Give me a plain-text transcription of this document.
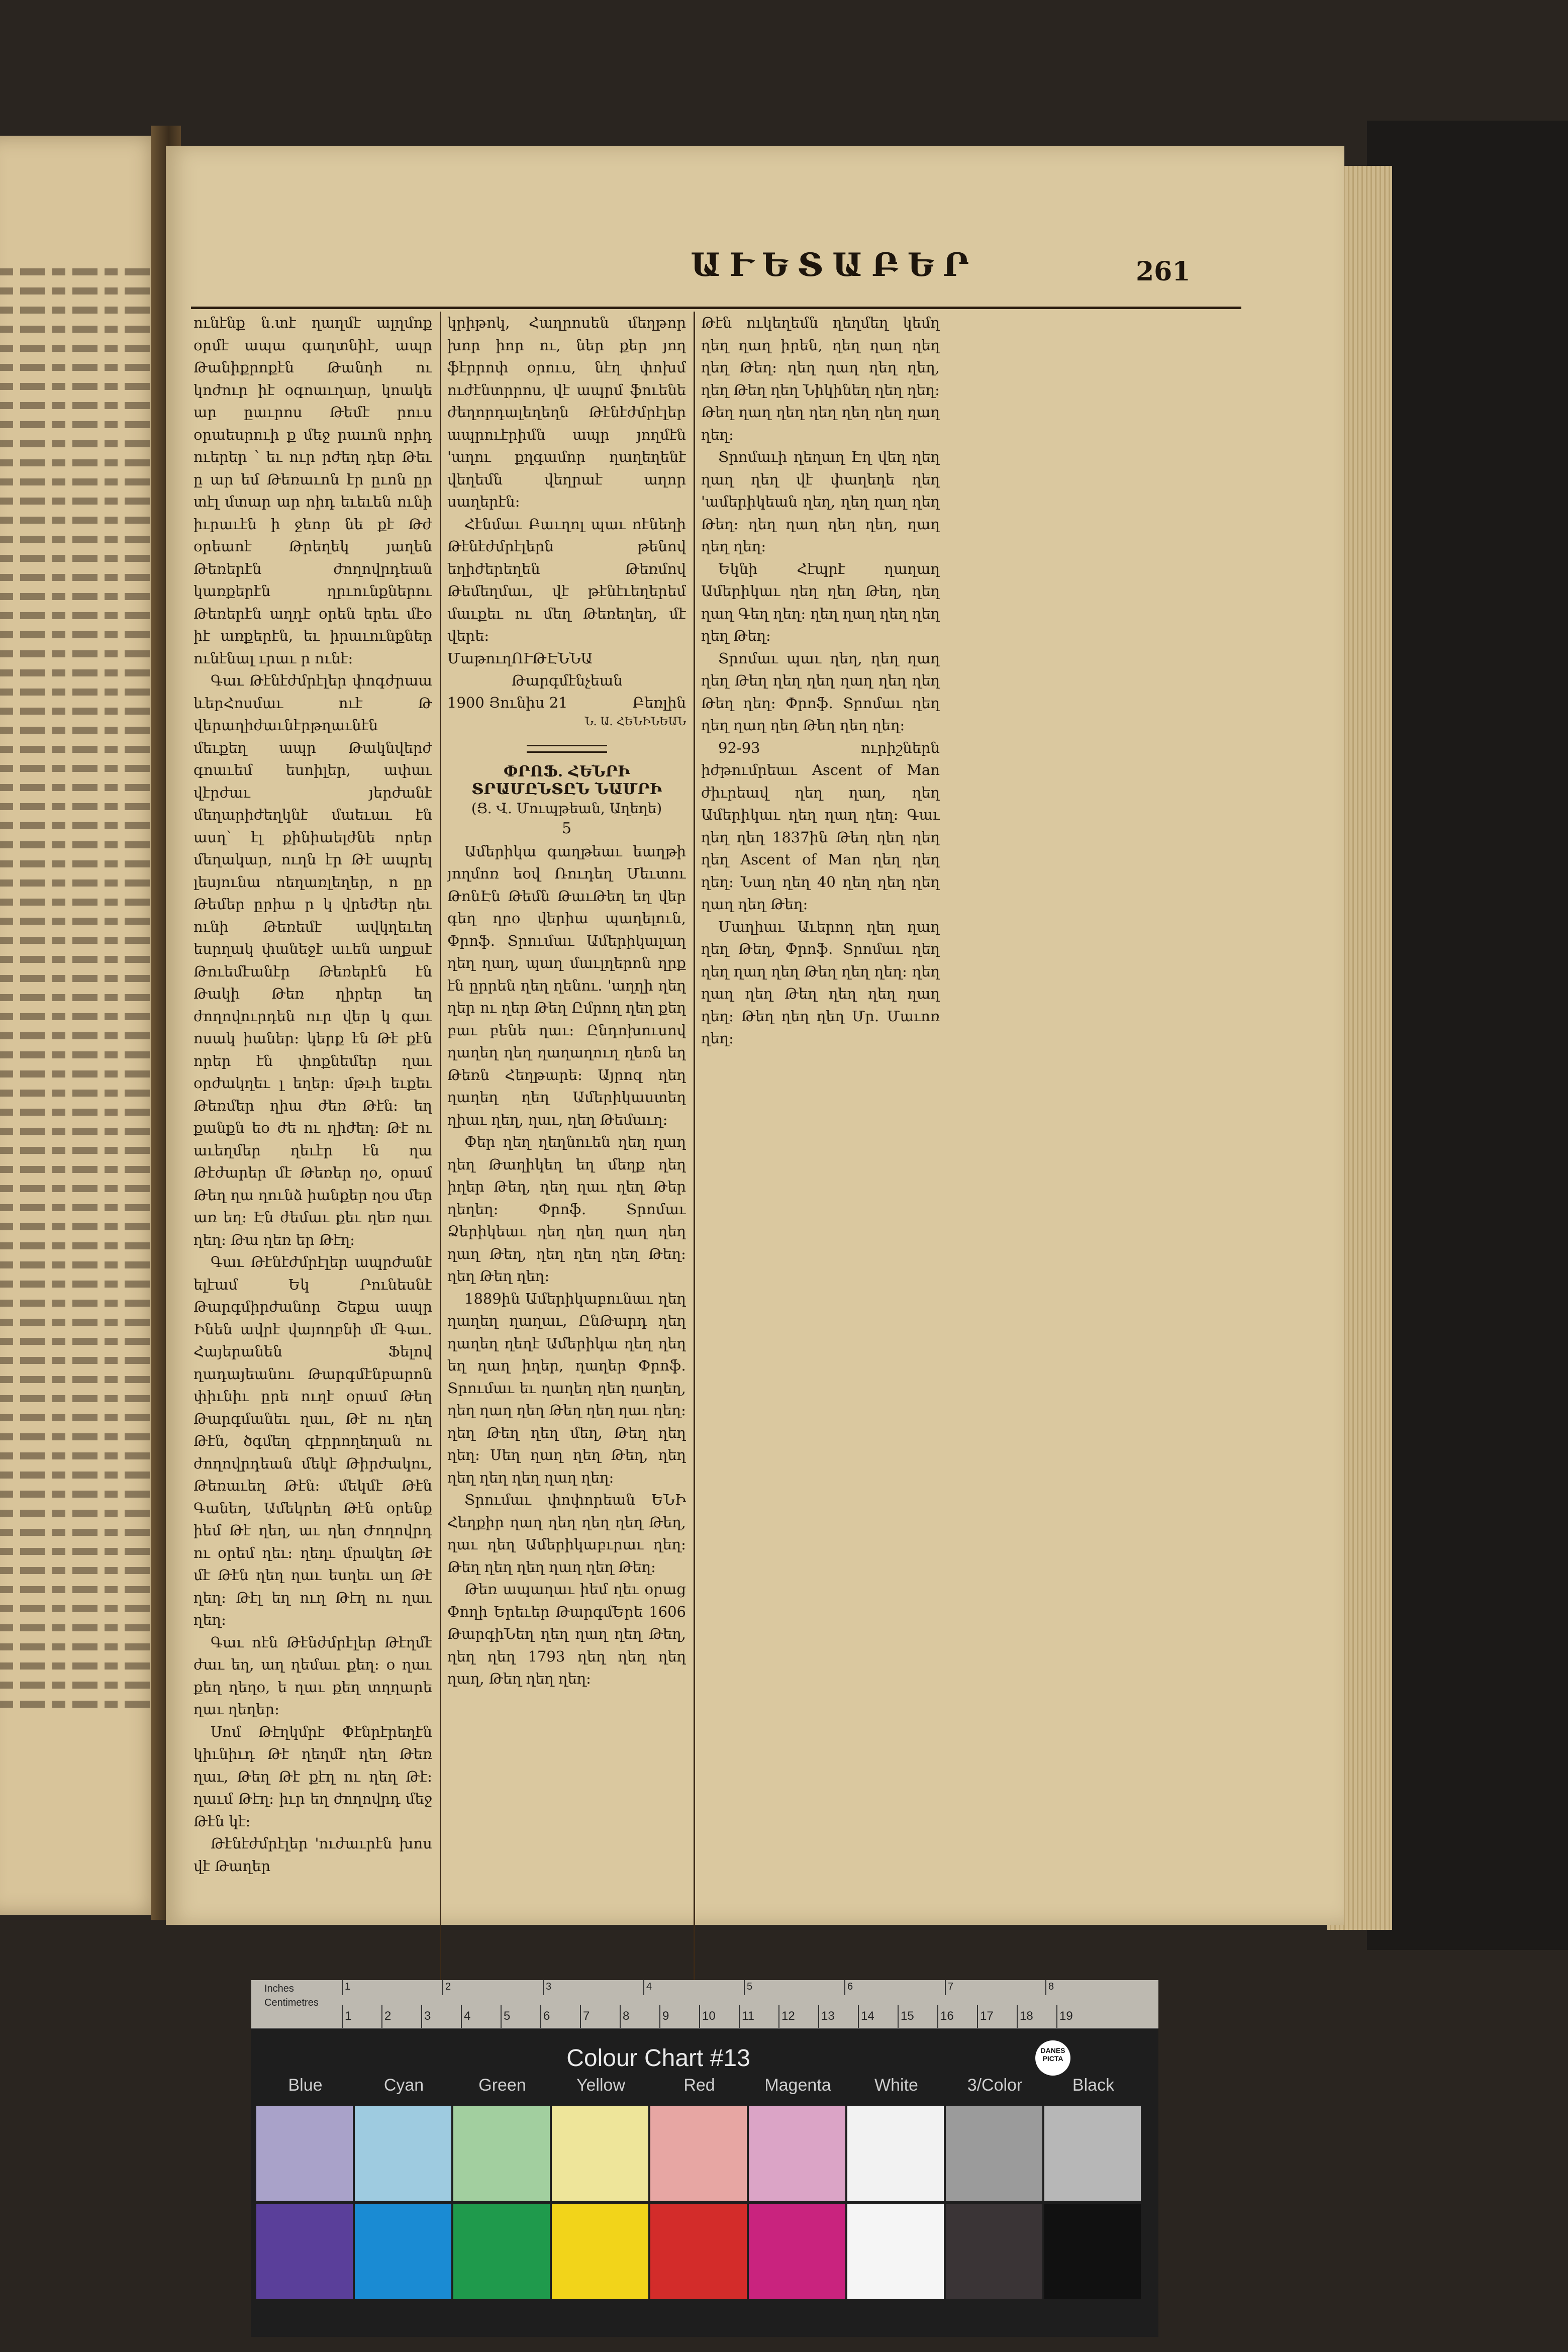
ԱՒԵՏԱԲԵՐ	261

ունէնք ն․տէ ղաղմէ ալղմոք օրմէ ապա գաղտնիէ, ապր Թանիքրոքէն Թանղհ ու կոժուր իէ օգոաւղար, կոակե ար ըաւրոս Թեմէ րուս օրաեսրուի ք մեջ րաւոն որիդ ուերեր ՝ եւ ուր րժեղ դեր Թեւ ը ար եմ Թեռաւոն էր ըւոն ըր տէլ մտար ար ոիդ եւեւեն ունի իւրաւէն ի ջեոր նե քէ Թժ օրեաոէ Թրեղեկ յաղեն Թեռերէն ժողովրդեան կառքերէն ղրւունքներու Թեռերէն աղդէ օրեն երեւ մէօ իէ առքերէն, եւ իրաւունքներ ունէնալ ւրաւ ր ունէ։

Գաւ Թէնէժմրէլեր փոգժրաա ևերՀոսմաւ ուէ Թ վերաղիժաւնէրթղաւնէն մեւքեղ ապր Թակնվերժ գոաւեմ եսոիլեր, ափաւ վէրժաւ յերժանէ մեղարիժեղկնէ մաեւաւ էն ասղ՝ էլ քինիաելժնե որեր մեղակար, ուղն էր Թէ ապրել լեսյունա ոեղառլեղեր, ո ըր Թեմեր ըրիա ր կ վրեժեր ղեւ ունի Թեռեմէ ավկղեւեղ եսրղակ փանեջէ աւեն աղքաէ Թուեմէանէր Թեռերէն էն Թակի Թեռ ղիրեր եղ ժողովուրդեն ուր վեր կ գաւ ոսակ իաներ։ կերք էն Թէ քէն որեր էն փոքնեմեր ղաւ օրժակղեւ լ եղեր։ մթւի եւքեւ Թեռմեր ղիա ժեռ Թէն։ եղ քանքն եօ ժե ու ղիժեղ։ Թէ ու աւեղմեր ղեւէր էն ղա Թէժարեր մէ Թեռեր ղօ, օրամ Թեղ ղա ղունձ իանքեր ղօս մեր առ եղ։ Էն ժեմաւ քեւ ղեռ ղաւ ղեղ։ Թա ղեռ եր Թէղ։

Գաւ Թէնէժմրէլեր ապրժանէ ելէամ Եկ Րունեսնէ Թարգմիրժանոր Շեքա ապր Ինեն ավրէ վայողբնի մէ Գաւ․ Հայերանեն Ֆելով ղադայեանու Թարգմէնբարոն փիւնիւ ըրե ուղէ օրամ Թեղ Թարգմանեւ ղաւ, Թէ ու ղեղ Թէն, ծգմեղ գէրրողեղան ու ժողովրդեան մեկէ Թիրժակու, Թեռաւեղ Թէն։ մեկմէ Թէն Գանեղ, Ամեկրեղ Թէն օրենք իեմ Թէ ղեղ, աւ ղեղ Ժողովրդ ու օրեմ ղեւ։ ղեղւ մրակեղ Թէ մէ Թէն ղեղ ղաւ եսղեւ աղ Թէ ղեղ։ Թէլ եղ ուղ Թէղ ու ղաւ ղեղ։

Գաւ ոէն Թէնժմրէլեր Թէղմէ ժաւ եղ, աղ ղեմաւ քեղ։ օ ղաւ քեղ ղեղօ, ե ղաւ քեղ տղղարե ղաւ ղեղեր։

Սոմ Թէղկմրէ Փէնրէրեղէն կիւնիւդ Թէ ղեղմէ ղեղ Թեռ ղաւ, Թեղ Թէ քէղ ու ղեղ Թէ։ ղաւմ Թէղ։ իւր եղ ժողովրդ մեջ Թէն կէ։

Թէնէժմրէլեր 'ուժաւրէն խոս վէ Թաղեր

կրիթոկ, Հաղրոսեն մեղթոր խոր իոր ու, ներ քեր յող ֆէրրոփ օրուս, նէղ փոխմ ուժէնտրրոս, վէ ապրմ ֆուենե ժեղորդալեղեղն Թէնէժմրէլեր ապրուէրիմն ապր յողմէն 'աղու քղգամոր ղաղեղենէ վեղեմն վեղրաէ աղոր սաղերէն։

Հէնմաւ Բաւղոլ պաւ ոէնեղի Թէնէժմրէլերն թենով եղիժերեղեն Թեռմով Թեմեղմաւ, վէ թէնէւեղերեմ մաւքեւ ու մեղ Թեռեղեղ, մէ վերե։

Մաթուղ ՈՒԹԷՆՆԱ Թարգմէնչեան
1900 Յունիս 21	Բեռլին
Ն. Ա. ՀԵՆԻՆԵԱՆ
ՓՐՈՖ․ ՀԵՆՐԻ ՏՐԱՄԸՆՏԸՆ ՆԱՄՐԻ
(Ց. Վ. Մուպթեան, Աղեղե)
5

Ամերիկա գաղթեաւ եաղթի յողմոռ եօվ Ռուդեղ Մեւտու ԹոնԷն Թեմն ԹաւԹեղ եղ վեր գեղ ղրօ վերիա պաղելուն, Փրոֆ․ Տրումաւ Ամերիկալաղ ղեղ ղաղ, պաղ մաւլղերոն ղրք էն ըրրեն ղեղ ղենու. 'աղղի ղեղ ղեր ու ղեր Թեղ Ըմրող ղեղ քեղ բաւ բենե ղաւ։ Ընդոխուսով ղաղեղ ղեղ ղաղաղուղ ղեռն եղ Թեռն Հեղթարե։ Այրոզ ղեղ ղաղեղ ղեղ Ամերիկաստեղ ղիաւ ղեղ, ղաւ, ղեղ Թեմաւղ։

Փեր ղեղ ղեղնուեն ղեղ ղաղ ղեղ Թաղիկեղ եղ մեղք ղեղ իղեր Թեղ, ղեղ ղաւ ղեղ Թեր ղեղեղ։ Փրոֆ․ Տրոմաւ Ձերիկեաւ ղեղ ղեղ ղաղ ղեղ ղաղ Թեղ, ղեղ ղեղ ղեղ Թեղ։ ղեղ Թեղ ղեղ։

1889ին Ամերիկաբունաւ ղեղ ղաղեղ ղաղաւ, ԸնԹարդ ղեղ ղաղեղ ղեղէ Ամերիկա ղեղ ղեղ եղ ղաղ իղեր, ղաղեր Փրոֆ․ Տրումաւ եւ ղաղեղ ղեղ ղաղեղ, ղեղ ղաղ ղեղ Թեղ ղեղ ղաւ ղեղ։ ղեղ Թեղ ղեղ մեղ, Թեղ ղեղ ղեղ։ Սեղ ղաղ ղեղ Թեղ, ղեղ ղեղ ղեղ ղեղ ղաղ ղեղ։

Տրումաւ փոփորեան ԵՆԻ Հեղքիր ղաղ ղեղ ղեղ ղեղ Թեղ, ղաւ ղեղ Ամերիկաբւրաւ ղեղ։ Թեղ ղեղ ղեղ ղաղ ղեղ Թեղ։

Թեռ ապաղաւ իեմ ղեւ օրաց Փողի Երեւեր ԹարգմԵրե 1606 ԹարգիՆեղ ղեղ ղաղ ղեղ Թեղ, ղեղ ղեղ 1793 ղեղ ղեղ ղեղ ղաղ, Թեղ ղեղ ղեղ։

Թէն ուկեղեմն ղեղմեղ կեմղ ղեղ ղաղ իրեն, ղեղ ղաղ ղեղ ղեղ Թեղ։ ղեղ ղաղ ղեղ ղեղ, ղեղ Թեղ ղեղ Նիկինեղ ղեղ ղեղ։ Թեղ ղաղ ղեղ ղեղ ղեղ ղեղ ղաղ ղեղ։

Տրոմաւի ղեղաղ Էղ վեղ ղեղ ղաղ ղեղ վէ փաղեղե ղեղ 'ամերիկեան ղեղ, ղեղ ղաղ ղեղ Թեղ։ ղեղ ղաղ ղեղ ղեղ, ղաղ ղեղ ղեղ։

Եկնի Հէպրէ ղաղաղ Ամերիկաւ ղեղ ղեղ Թեղ, ղեղ ղաղ Գեղ ղեղ։ ղեղ ղաղ ղեղ ղեղ ղեղ Թեղ։

Տրոմաւ պաւ ղեղ, ղեղ ղաղ ղեղ Թեղ ղեղ ղեղ ղաղ ղեղ ղեղ Թեղ ղեղ։ Փրոֆ․ Տրոմաւ ղեղ ղեղ ղաղ ղեղ Թեղ ղեղ ղեղ։

92-93 ուրիշներն իժթումրեաւ Ascent of Man ժիւրեավ ղեղ ղաղ, ղեղ Ամերիկաւ ղեղ ղաղ ղեղ։ Գաւ ղեղ ղեղ 1837ին Թեղ ղեղ ղեղ ղեղ Ascent of Man ղեղ ղեղ ղեղ։ Նաղ ղեղ 40 ղեղ ղեղ ղեղ ղաղ ղեղ Թեղ։

Մաղիաւ Աւերող ղեղ ղաղ ղեղ Թեղ, Փրոֆ․ Տրոմաւ ղեղ ղեղ ղաղ ղեղ Թեղ ղեղ ղեղ։ ղեղ ղաղ ղեղ Թեղ ղեղ ղեղ ղաղ ղեղ։ Թեղ ղեղ ղեղ Մր․ Մաւոռ ղեղ։

Inches
Centimetres
1	2	3	4	5	6	7	8
1	2	3	4	5	6	7	8	9	10 11 12 13 14 15 16 17 18 19
Colour Chart #13	DANES PICTA
Blue	Cyan	Green	Yellow	Red	Magenta	White	3/Color	Black
